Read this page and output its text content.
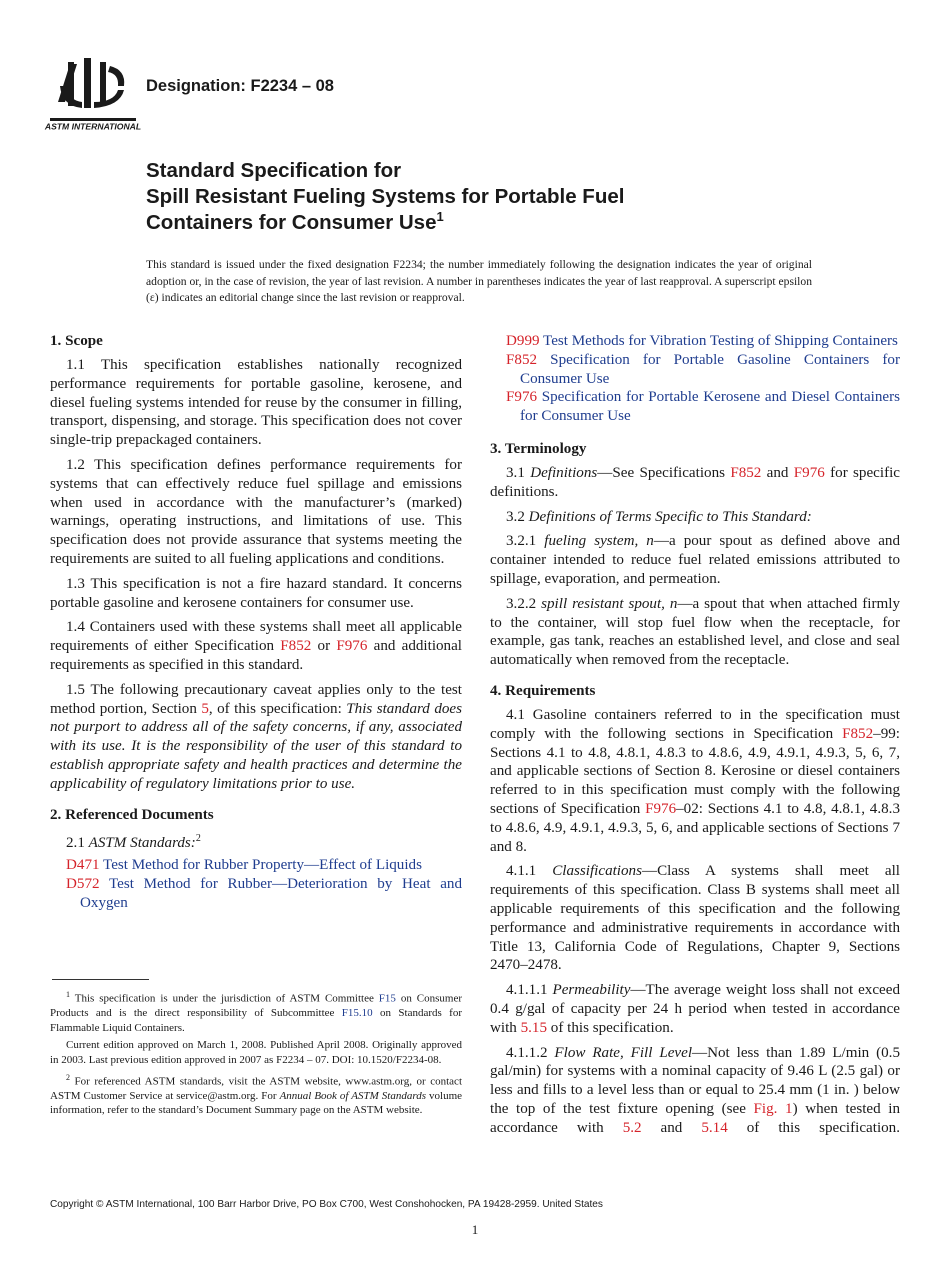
ASTM INTERNATIONAL
Designation: F2234 – 08
Standard Specification for
Spill Resistant Fueling Systems for Portable Fuel
Containers for Consumer Use$^1$
This standard is issued under the fixed designation F2234; the number immediately following the designation indicates the year of original adoption or, in the case of revision, the year of last revision. A number in parentheses indicates the year of last reapproval. A superscript epsilon (ε) indicates an editorial change since the last revision or reapproval.
1. Scope

1.1 This specification establishes nationally recognized performance requirements for portable gasoline, kerosene, and diesel fueling systems intended for reuse by the consumer in filling, transport, dispensing, and storage. This specification does not cover single-trip prepackaged containers.

1.2 This specification defines performance requirements for systems that can effectively reduce fuel spillage and emissions when used in accordance with the manufacturer’s (marked) warnings, operating instructions, and limitations of use. This specification does not provide assurance that systems meeting the requirements are suited to all fueling applications and conditions.

1.3 This specification is not a fire hazard standard. It concerns portable gasoline and kerosene containers for consumer use.

1.4 Containers used with these systems shall meet all applicable requirements of either Specification F852 or F976 and additional requirements as specified in this standard.

1.5 The following precautionary caveat applies only to the test method portion, Section 5, of this specification: This standard does not purport to address all of the safety concerns, if any, associated with its use. It is the responsibility of the user of this standard to establish appropriate safety and health practices and determine the applicability of regulatory limitations prior to use.

2. Referenced Documents
2.1 ASTM Standards:$^2$
D471 Test Method for Rubber Property—Effect of Liquids
D572 Test Method for Rubber—Deterioration by Heat and Oxygen

$^1$ This specification is under the jurisdiction of ASTM Committee F15 on Consumer Products and is the direct responsibility of Subcommittee F15.10 on Standards for Flammable Liquid Containers.

Current edition approved on March 1, 2008. Published April 2008. Originally approved in 2003. Last previous edition approved in 2007 as F2234 – 07. DOI: 10.1520/F2234-08.

$^2$ For referenced ASTM standards, visit the ASTM website, www.astm.org, or contact ASTM Customer Service at service@astm.org. For Annual Book of ASTM Standards volume information, refer to the standard’s Document Summary page on the ASTM website.

D999 Test Methods for Vibration Testing of Shipping Containers
F852 Specification for Portable Gasoline Containers for Consumer Use
F976 Specification for Portable Kerosene and Diesel Containers for Consumer Use
3. Terminology

3.1 Definitions—See Specifications F852 and F976 for specific definitions.

3.2 Definitions of Terms Specific to This Standard:

3.2.1 fueling system, n—a pour spout as defined above and container intended to reduce fuel related emissions attributed to spillage, evaporation, and permeation.

3.2.2 spill resistant spout, n—a spout that when attached firmly to the container, will stop fuel flow when the receptacle, for example, gas tank, reaches an established level, and close and seal automatically when removed from the receptacle.

4. Requirements

4.1 Gasoline containers referred to in the specification must comply with the following sections in Specification F852–99: Sections 4.1 to 4.8, 4.8.1, 4.8.3 to 4.8.6, 4.9, 4.9.1, 4.9.3, 5, 6, 7, and applicable sections of Section 8. Kerosine or diesel containers referred to in this specification must comply with the following sections of Specification F976–02: Sections 4.1 to 4.8, 4.8.1, 4.8.3 to 4.8.6, 4.9, 4.9.1, 4.9.3, 5, 6, and applicable sections of Sections 7 and 8.

4.1.1 Classifications—Class A systems shall meet all requirements of this specification. Class B systems shall meet all applicable requirements of this specification and the following performance and administrative requirements in accordance with Title 13, California Code of Regulations, Chapter 9, Sections 2470–2478.

4.1.1.1 Permeability—The average weight loss shall not exceed 0.4 g/gal of capacity per 24 h period when tested in accordance with 5.15 of this specification.

4.1.1.2 Flow Rate, Fill Level—Not less than 1.89 L/min (0.5 gal/min) for systems with a nominal capacity of 9.46 L (2.5 gal) or less and fills to a level less than or equal to 25.4 mm (1 in. ) below the top of the test fixture opening (see Fig. 1) when tested in accordance with 5.2 and 5.14 of this specification.

Copyright © ASTM International, 100 Barr Harbor Drive, PO Box C700, West Conshohocken, PA 19428-2959. United States
1
